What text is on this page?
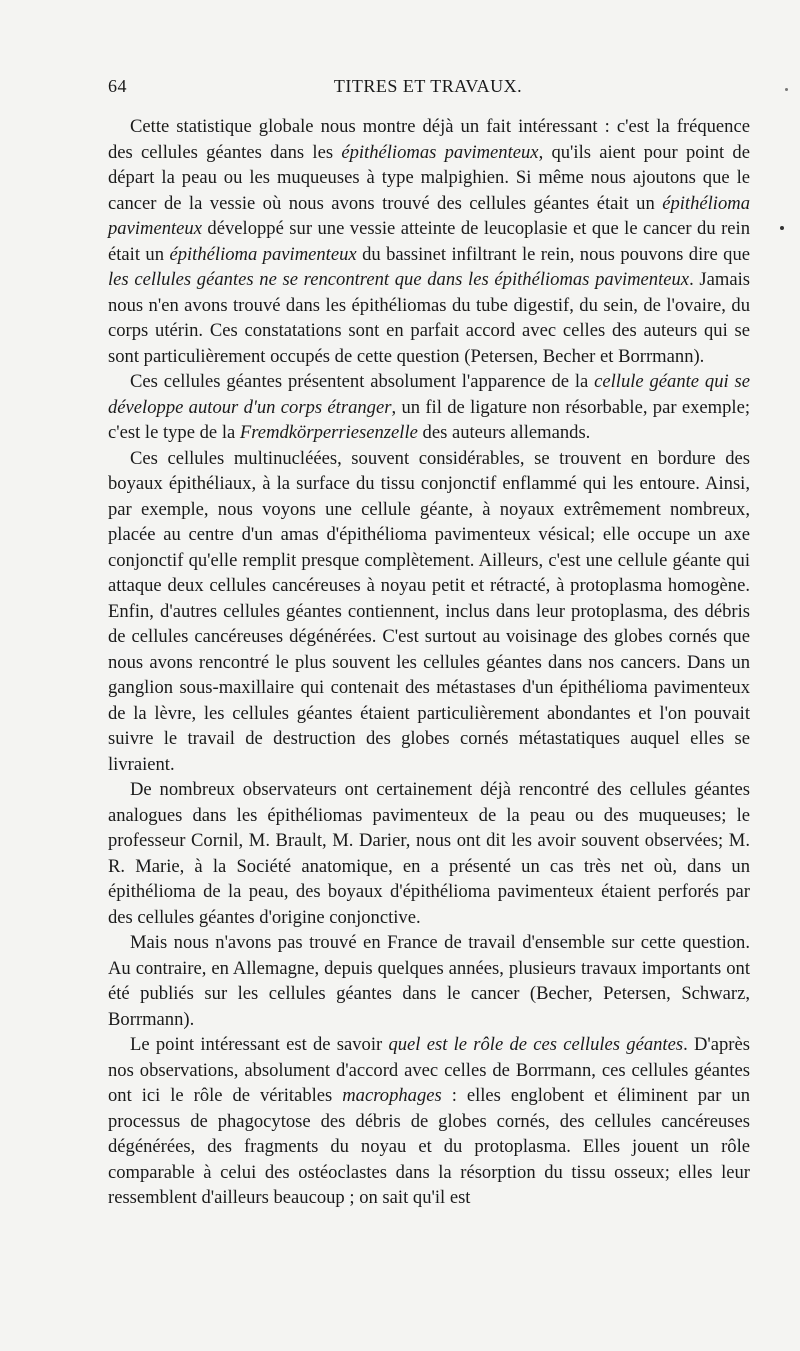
64	TITRES ET TRAVAUX.

Cette statistique globale nous montre déjà un fait intéressant : c'est la fréquence des cellules géantes dans les épithéliomas pavimenteux, qu'ils aient pour point de départ la peau ou les muqueuses à type malpighien. Si même nous ajoutons que le cancer de la vessie où nous avons trouvé des cellules géantes était un épithélioma pavimenteux développé sur une vessie atteinte de leucoplasie et que le cancer du rein était un épithélioma pavimenteux du bassinet infiltrant le rein, nous pouvons dire que les cellules géantes ne se rencontrent que dans les épithéliomas pavimenteux. Jamais nous n'en avons trouvé dans les épithéliomas du tube digestif, du sein, de l'ovaire, du corps utérin. Ces constatations sont en parfait accord avec celles des auteurs qui se sont particulièrement occupés de cette question (Petersen, Becher et Borrmann).

Ces cellules géantes présentent absolument l'apparence de la cellule géante qui se développe autour d'un corps étranger, un fil de ligature non résorbable, par exemple; c'est le type de la Fremdkörperriesenzelle des auteurs allemands.

Ces cellules multinucléées, souvent considérables, se trouvent en bordure des boyaux épithéliaux, à la surface du tissu conjonctif enflammé qui les entoure. Ainsi, par exemple, nous voyons une cellule géante, à noyaux extrêmement nombreux, placée au centre d'un amas d'épithélioma pavimenteux vésical; elle occupe un axe conjonctif qu'elle remplit presque complètement. Ailleurs, c'est une cellule géante qui attaque deux cellules cancéreuses à noyau petit et rétracté, à protoplasma homogène. Enfin, d'autres cellules géantes contiennent, inclus dans leur protoplasma, des débris de cellules cancéreuses dégénérées. C'est surtout au voisinage des globes cornés que nous avons rencontré le plus souvent les cellules géantes dans nos cancers. Dans un ganglion sous-maxillaire qui contenait des métastases d'un épithélioma pavimenteux de la lèvre, les cellules géantes étaient particulièrement abondantes et l'on pouvait suivre le travail de destruction des globes cornés métastatiques auquel elles se livraient.

De nombreux observateurs ont certainement déjà rencontré des cellules géantes analogues dans les épithéliomas pavimenteux de la peau ou des muqueuses; le professeur Cornil, M. Brault, M. Darier, nous ont dit les avoir souvent observées; M. R. Marie, à la Société anatomique, en a présenté un cas très net où, dans un épithélioma de la peau, des boyaux d'épithélioma pavimenteux étaient perforés par des cellules géantes d'origine conjonctive.

Mais nous n'avons pas trouvé en France de travail d'ensemble sur cette question. Au contraire, en Allemagne, depuis quelques années, plusieurs travaux importants ont été publiés sur les cellules géantes dans le cancer (Becher, Petersen, Schwarz, Borrmann).

Le point intéressant est de savoir quel est le rôle de ces cellules géantes. D'après nos observations, absolument d'accord avec celles de Borrmann, ces cellules géantes ont ici le rôle de véritables macrophages : elles englobent et éliminent par un processus de phagocytose des débris de globes cornés, des cellules cancéreuses dégénérées, des fragments du noyau et du protoplasma. Elles jouent un rôle comparable à celui des ostéoclastes dans la résorption du tissu osseux; elles leur ressemblent d'ailleurs beaucoup ; on sait qu'il est
